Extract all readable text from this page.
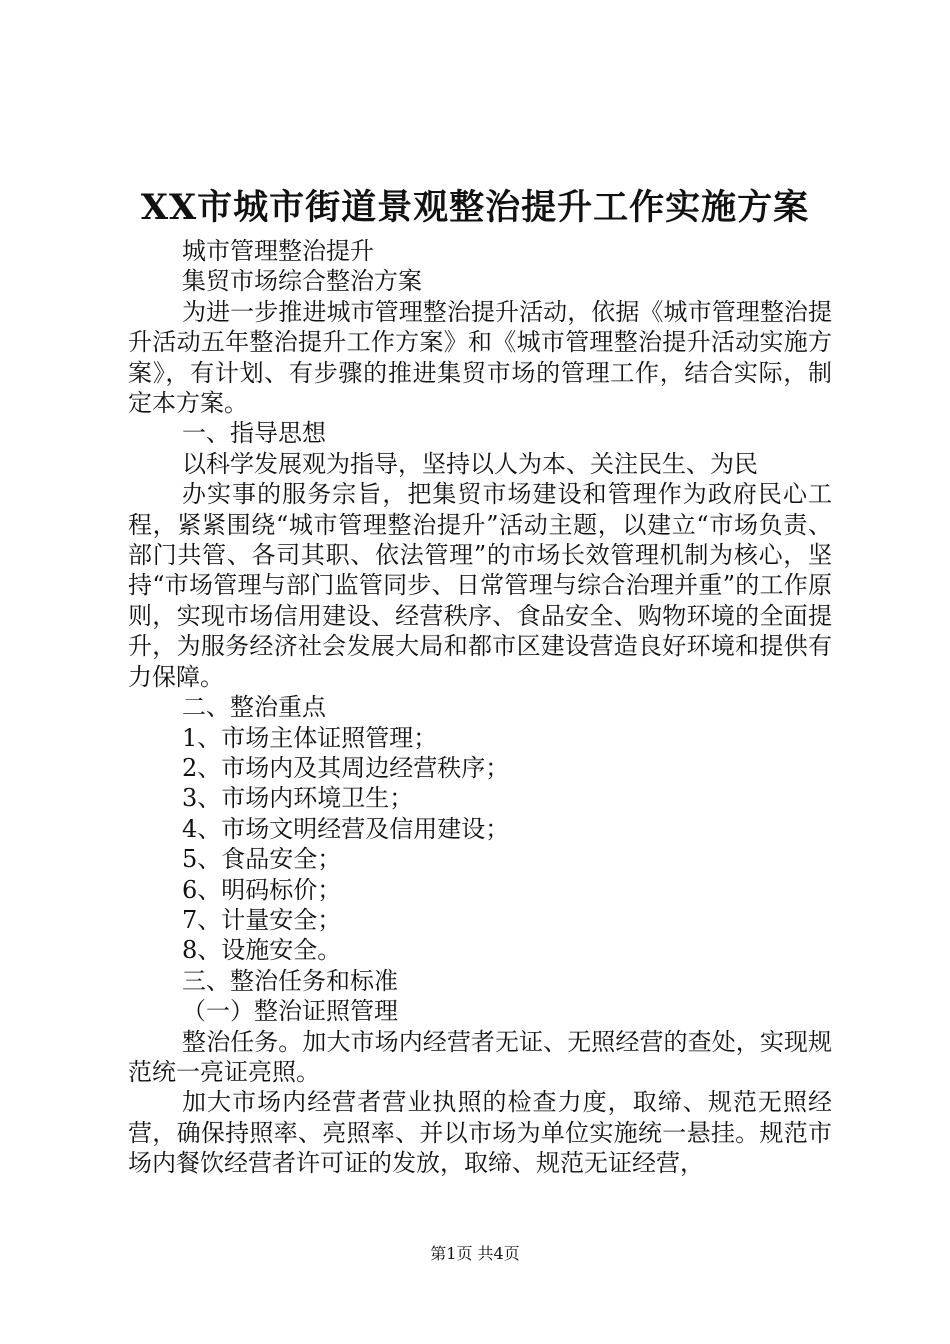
XX市城市街道景观整治提升工作实施方案

城市管理整治提升

集贸市场综合整治方案

为进一步推进城市管理整治提升活动，依据《城市管理整治提升活动五年整治提升工作方案》和《城市管理整治提升活动实施方案》，有计划、有步骤的推进集贸市场的管理工作，结合实际，制定本方案。

一、指导思想

以科学发展观为指导，坚持以人为本、关注民生、为民

办实事的服务宗旨，把集贸市场建设和管理作为政府民心工程，紧紧围绕“城市管理整治提升”活动主题，以建立“市场负责、部门共管、各司其职、依法管理”的市场长效管理机制为核心，坚持“市场管理与部门监管同步、日常管理与综合治理并重”的工作原则，实现市场信用建设、经营秩序、食品安全、购物环境的全面提升，为服务经济社会发展大局和都市区建设营造良好环境和提供有力保障。

二、整治重点

1、市场主体证照管理；

2、市场内及其周边经营秩序；

3、市场内环境卫生；

4、市场文明经营及信用建设；

5、食品安全；

6、明码标价；

7、计量安全；

8、设施安全。

三、整治任务和标准

（一）整治证照管理

整治任务。加大市场内经营者无证、无照经营的查处，实现规范统一亮证亮照。

加大市场内经营者营业执照的检查力度，取缔、规范无照经营，确保持照率、亮照率、并以市场为单位实施统一悬挂。规范市场内餐饮经营者许可证的发放，取缔、规范无证经营，

第1页 共4页
